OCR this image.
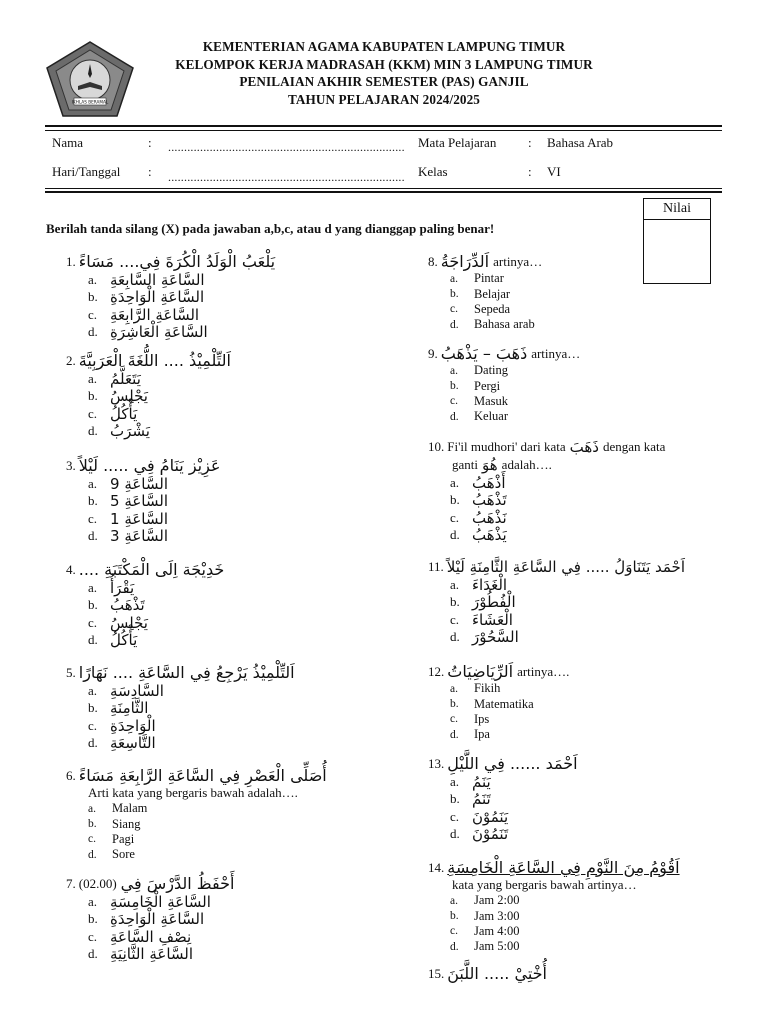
IKHLAS BERAMAL
KEMENTERIAN AGAMA KABUPATEN LAMPUNG TIMUR
KELOMPOK KERJA MADRASAH (KKM) MIN 3 LAMPUNG TIMUR
PENILAIAN AKHIR SEMESTER (PAS) GANJIL
TAHUN PELAJARAN 2024/2025
Nama	: ..........................................................................
Hari/Tanggal : ..........................................................................
Mata Pelajaran : Bahasa Arab
Kelas	: VI
Nilai
Berilah tanda silang (X) pada jawaban a,b,c, atau d yang dianggap paling benar!
1. يَلْعَبُ الْوَلَدُ الْكُرَةَ فِي.... مَسَاءً
a. السَّاعَةِ السَّابِعَةِ
b. السَّاعَةِ الْوَاحِدَةِ
c. السَّاعَةِ الرَّابِعَةِ
d. السَّاعَةِ الْعَاشِرَةِ
2. اَلتِّلْمِيْذُ .... اللُّغَةَ الْعَرَبِيَّةَ
a. يَتَعَلَّمُ
b. يَجْلِسُ
c. يَأْكُلُ
d. يَشْرَبُ
3. عَزِيْز يَنَامُ فِي ..... لَيْلاً
a. السَّاعَةِ 9
b. السَّاعَةِ 5
c. السَّاعَةِ 1
d. السَّاعَةِ 3
4. خَدِيْجَة اِلَى الْمَكْتَبَةِ ....
a. يَقْرَأُ
b. تَذْهَبُ
c. يَجْلِسُ
d. يَأْكُلُ
5. اَلتِّلْمِيْذُ يَرْجِعُ فِي السَّاعَةِ .... نَهَارًا
a. السَّادِسَةِ
b. الثَّامِنَةِ
c. الْوَاحِدَةِ
d. التَّاسِعَةِ
6. أُصَلِّى الْعَصْرِ فِي السَّاعَةِ الرَّابِعَةِ مَسَاءً
Arti kata yang bergaris bawah adalah….
a.	Malam
b.	Siang
c.	Pagi
d.	Sore
7. (02.00) أَحْفَظُ الدَّرْسَ فِي
a. السَّاعَةِ الْخَامِسَةِ
b. السَّاعَةِ الْوَاحِدَةِ
c. نِصْفِ السَّاعَةِ
d. السَّاعَةِ الثَّانِيَةِ
8. اَلدِّرَاجَةُ artinya…
a.	Pintar
b.	Belajar
c.	Sepeda
d.	Bahasa arab
9. ذَهَبَ – يَذْهَبُ artinya…
a.	Dating
b.	Pergi
c.	Masuk
d.	Keluar
10. Fi'il mudhori' dari kata ذَهَبَ dengan kata
ganti هُوَ adalah….
a. أَذْهَبُ
b. تَذْهَبُ
c. نَذْهَبُ
d. يَذْهَبُ
11. اَحْمَد يَتَنَاوَلُ ..... فِي السَّاعَةِ الثَّامِنَةِ لَيْلاً
a. الْغَدَاءَ
b. الْفُطُوْرَ
c. الْعَشَاءَ
d. السَّحُوْرَ
12. اَلرِّيَاضِيَاتُ artinya….
a.	Fikih
b.	Matematika
c.	Ips
d.	Ipa
13. اَحْمَد ...... فِي اللَّيْلِ
a. يَنَمُ
b. تَنَمُ
c. يَنَمُوْنَ
d. تَنَمُوْنَ
14. اَقُوْمُ مِنَ النَّوْمِ فِي السَّاعَةِ الْخَامِسَةِ
kata yang bergaris bawah artinya…
a.	Jam 2:00
b.	Jam 3:00
c.	Jam 4:00
d.	Jam 5:00
15. أُخْتِيْ ..... اللَّبَنَ
